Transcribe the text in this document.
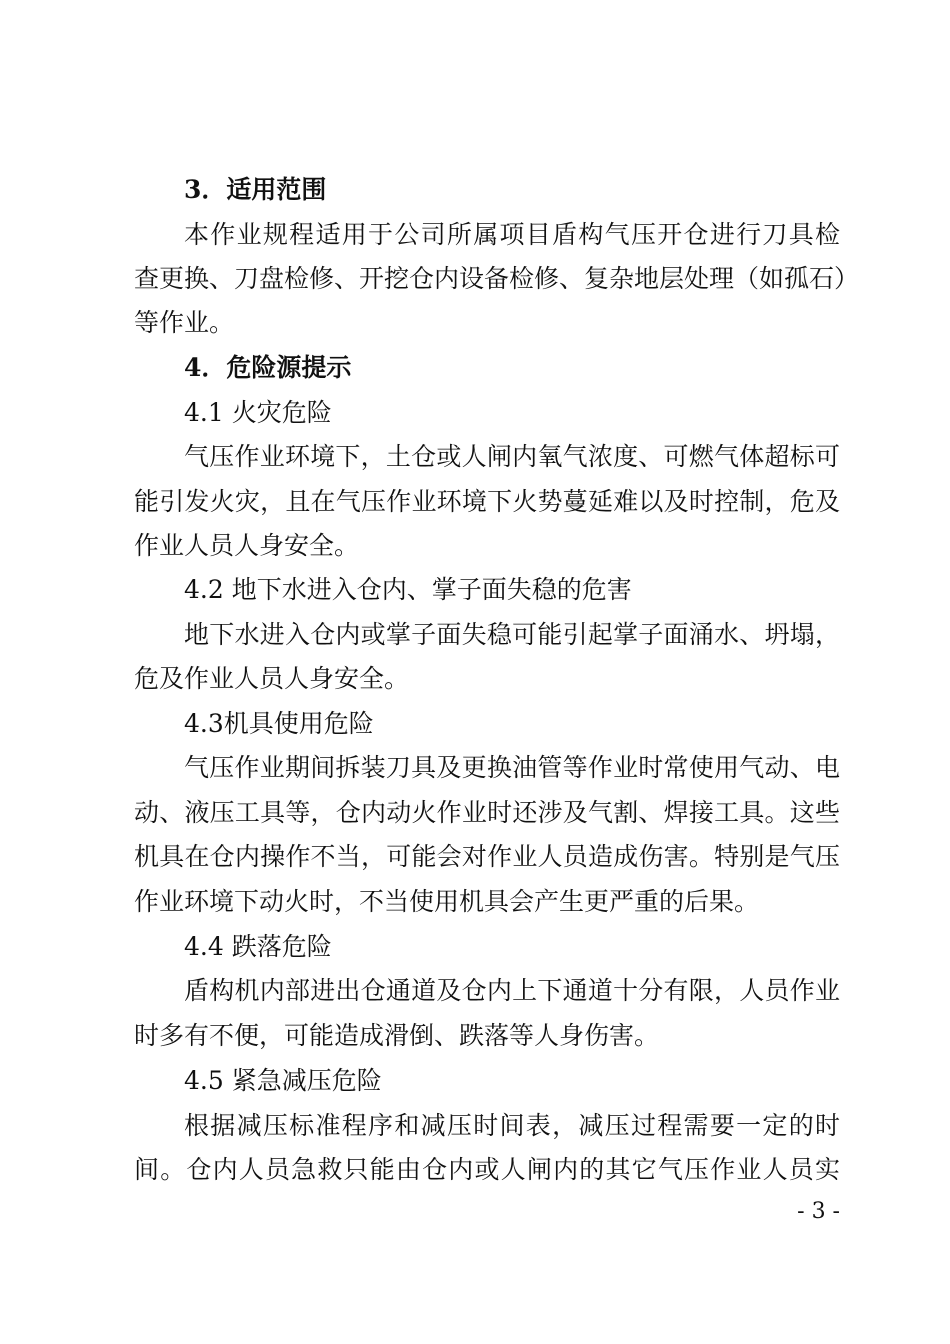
3．适用范围
本作业规程适用于公司所属项目盾构气压开仓进行刀具检
查更换、刀盘检修、开挖仓内设备检修、复杂地层处理（如孤石）
等作业。
4．危险源提示
4.1 火灾危险
气压作业环境下，土仓或人闸内氧气浓度、可燃气体超标可
能引发火灾，且在气压作业环境下火势蔓延难以及时控制，危及
作业人员人身安全。
4.2 地下水进入仓内、掌子面失稳的危害
地下水进入仓内或掌子面失稳可能引起掌子面涌水、坍塌，
危及作业人员人身安全。
4.3机具使用危险
气压作业期间拆装刀具及更换油管等作业时常使用气动、电
动、液压工具等，仓内动火作业时还涉及气割、焊接工具。这些
机具在仓内操作不当，可能会对作业人员造成伤害。特别是气压
作业环境下动火时，不当使用机具会产生更严重的后果。
4.4 跌落危险
盾构机内部进出仓通道及仓内上下通道十分有限，人员作业
时多有不便，可能造成滑倒、跌落等人身伤害。
4.5 紧急减压危险
根据减压标准程序和减压时间表，减压过程需要一定的时
间。仓内人员急救只能由仓内或人闸内的其它气压作业人员实
- 3 -
